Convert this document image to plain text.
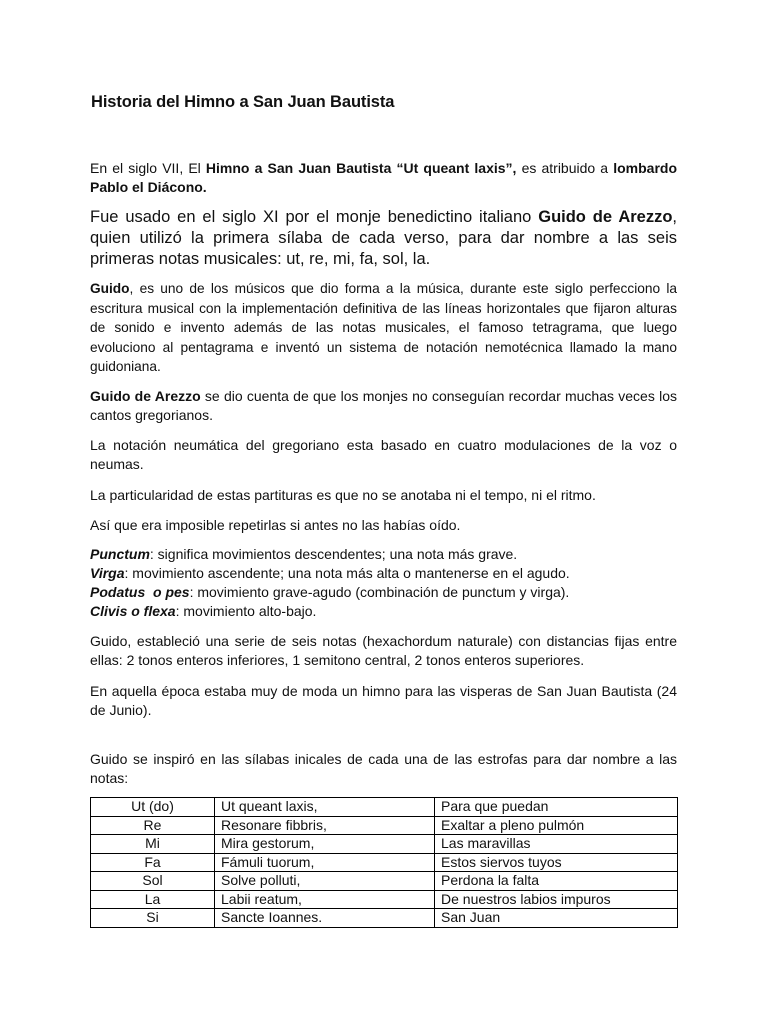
Historia del Himno a San Juan Bautista
En el siglo VII, El Himno a San Juan Bautista “Ut queant laxis”, es atribuido a lombardo Pablo el Diácono.
Fue usado en el siglo XI por el monje benedictino italiano Guido de Arezzo, quien utilizó la primera sílaba de cada verso, para dar nombre a las seis primeras notas musicales: ut, re, mi, fa, sol, la.
Guido, es uno de los músicos que dio forma a la música, durante este siglo perfecciono la escritura musical con la implementación definitiva de las líneas horizontales que fijaron alturas de sonido e invento además de las notas musicales, el famoso tetragrama, que luego evoluciono al pentagrama e inventó un sistema de notación nemotécnica llamado la mano guidoniana.
Guido de Arezzo se dio cuenta de que los monjes no conseguían recordar muchas veces los cantos gregorianos.
La notación neumática del gregoriano esta basado en cuatro modulaciones de la voz o neumas.
La particularidad de estas partituras es que no se anotaba ni el tempo, ni el ritmo.
Así que era imposible repetirlas si antes no las habías oído.
Punctum: significa movimientos descendentes; una nota más grave.
Virga: movimiento ascendente; una nota más alta o mantenerse en el agudo.
Podatus  o pes: movimiento grave-agudo (combinación de punctum y virga).
Clivis o flexa: movimiento alto-bajo.
Guido, estableció una serie de seis notas (hexachordum naturale) con distancias fijas entre ellas: 2 tonos enteros inferiores, 1 semitono central, 2 tonos enteros superiores.
En aquella época estaba muy de moda un himno para las visperas de San Juan Bautista (24 de Junio).
Guido se inspiró en las sílabas inicales de cada una de las estrofas para dar nombre a las notas:
Ut (do)	Ut queant laxis,	Para que puedan
Re	Resonare fibbris,	Exaltar a pleno pulmón
Mi	Mira gestorum,	Las maravillas
Fa	Fámuli tuorum,	Estos siervos tuyos
Sol	Solve polluti,	Perdona la falta
La	Labii reatum,	De nuestros labios impuros
Si	Sancte Ioannes.	San Juan
